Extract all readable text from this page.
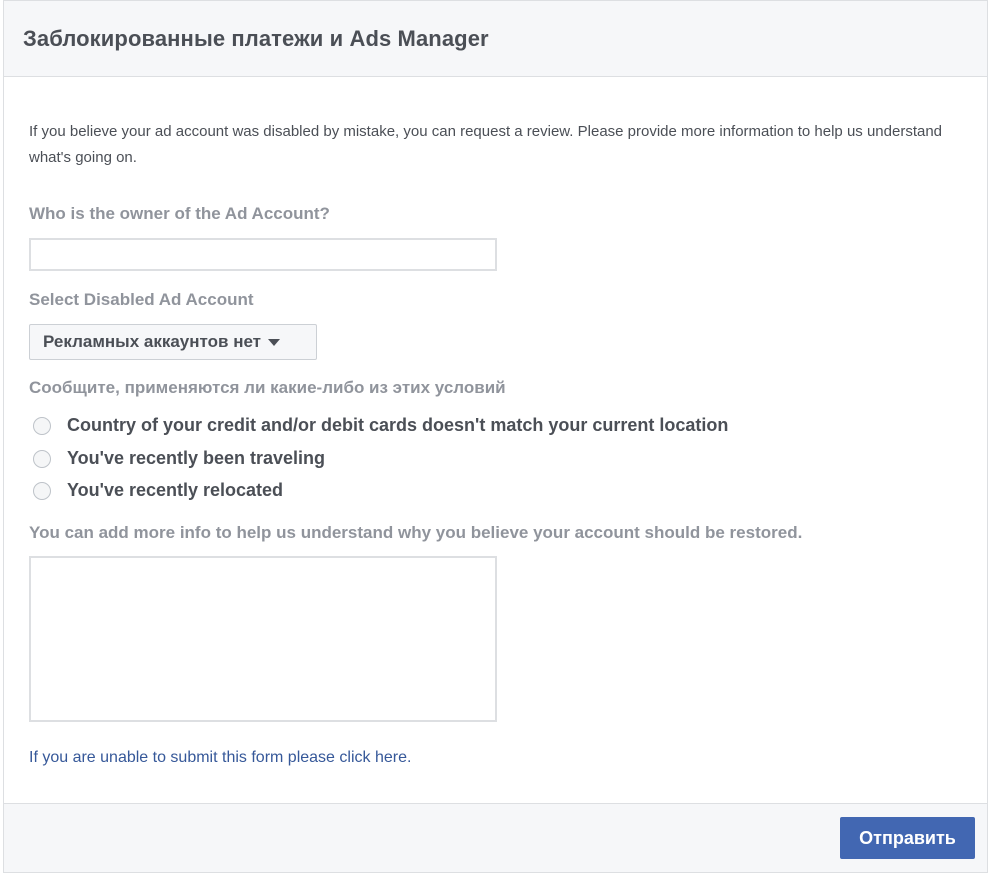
Заблокированные платежи и Ads Manager
If you believe your ad account was disabled by mistake, you can request a review. Please provide more information to help us understand what's going on.
Who is the owner of the Ad Account?
Select Disabled Ad Account
Рекламных аккаунтов нет
Сообщите, применяются ли какие-либо из этих условий
Country of your credit and/or debit cards doesn't match your current location
You've recently been traveling
You've recently relocated
You can add more info to help us understand why you believe your account should be restored.
If you are unable to submit this form please click here.
Отправить
